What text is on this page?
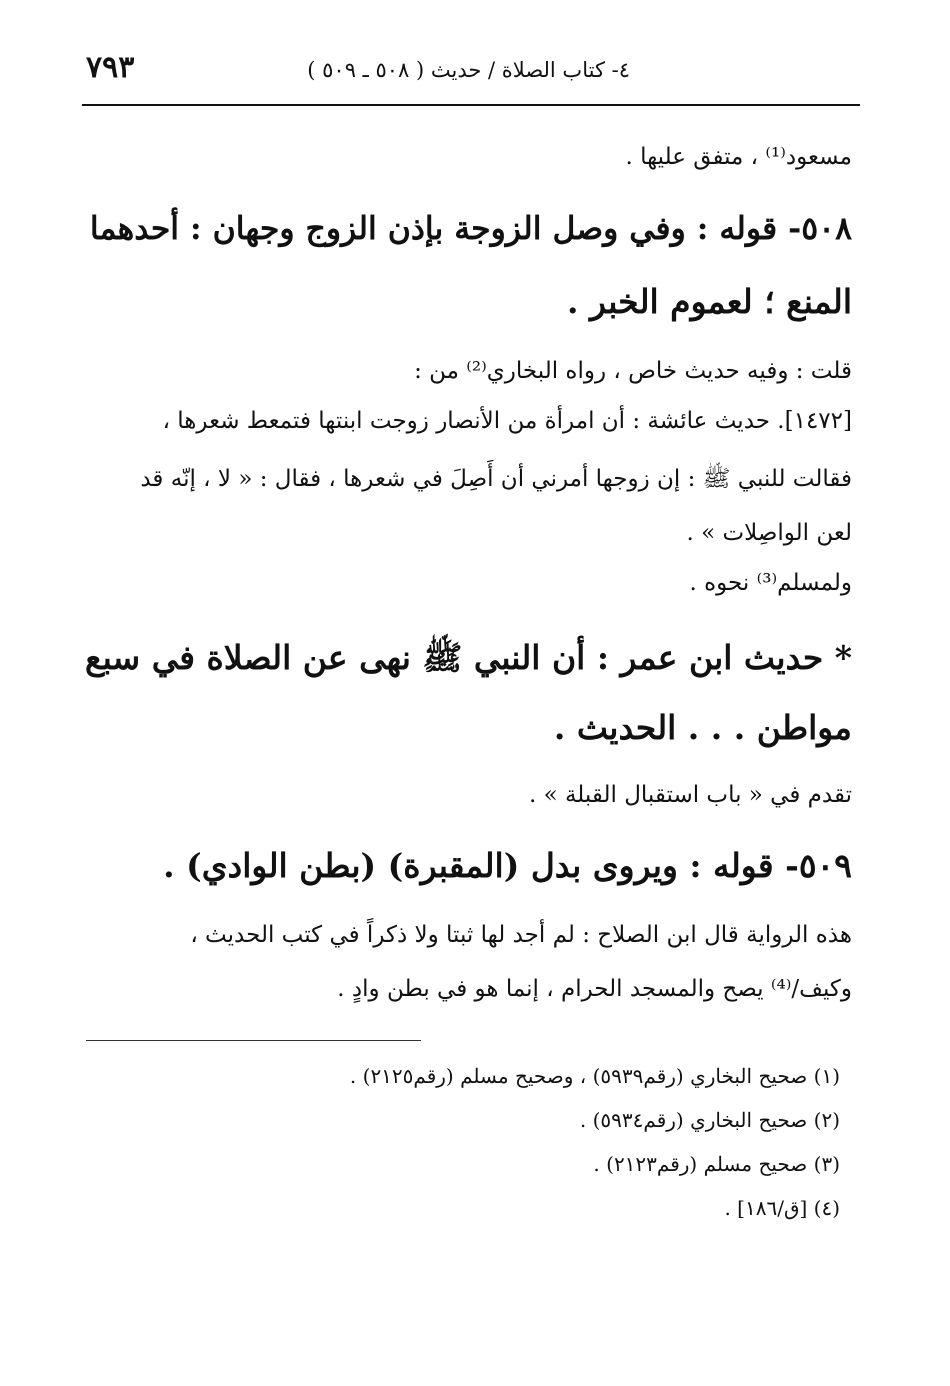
٤- كتاب الصلاة / حديث ( ٥٠٨ ـ ٥٠٩ )
٧٩٣
مسعود⁽¹⁾ ، متفق عليها .
٥٠٨- قوله : وفي وصل الزوجة بإذن الزوج وجهان : أحدهما
المنع ؛ لعموم الخبر .
قلت : وفيه حديث خاص ، رواه البخاري⁽²⁾ من :
[١٤٧٢]. حديث عائشة : أن امرأة من الأنصار زوجت ابنتها فتمعط شعرها ،
فقالت للنبي ﷺ : إن زوجها أمرني أن أَصِلَ في شعرها ، فقال : « لا ، إنّه قد
لعن الواصِلات » .
ولمسلم⁽³⁾ نحوه .
* حديث ابن عمر : أن النبي ﷺ نهى عن الصلاة في سبع
مواطن . . . الحديث .
تقدم في « باب استقبال القبلة » .
٥٠٩- قوله : ويروى بدل (المقبرة) (بطن الوادي) .
هذه الرواية قال ابن الصلاح : لم أجد لها ثبتا ولا ذكراً في كتب الحديث ،
وكيف/⁽⁴⁾ يصح والمسجد الحرام ، إنما هو في بطن وادٍ .
(١) صحيح البخاري (رقم٥٩٣٩) ، وصحيح مسلم (رقم٢١٢٥) .
(٢) صحيح البخاري (رقم٥٩٣٤) .
(٣) صحيح مسلم (رقم٢١٢٣) .
(٤) [ق/١٨٦] .
